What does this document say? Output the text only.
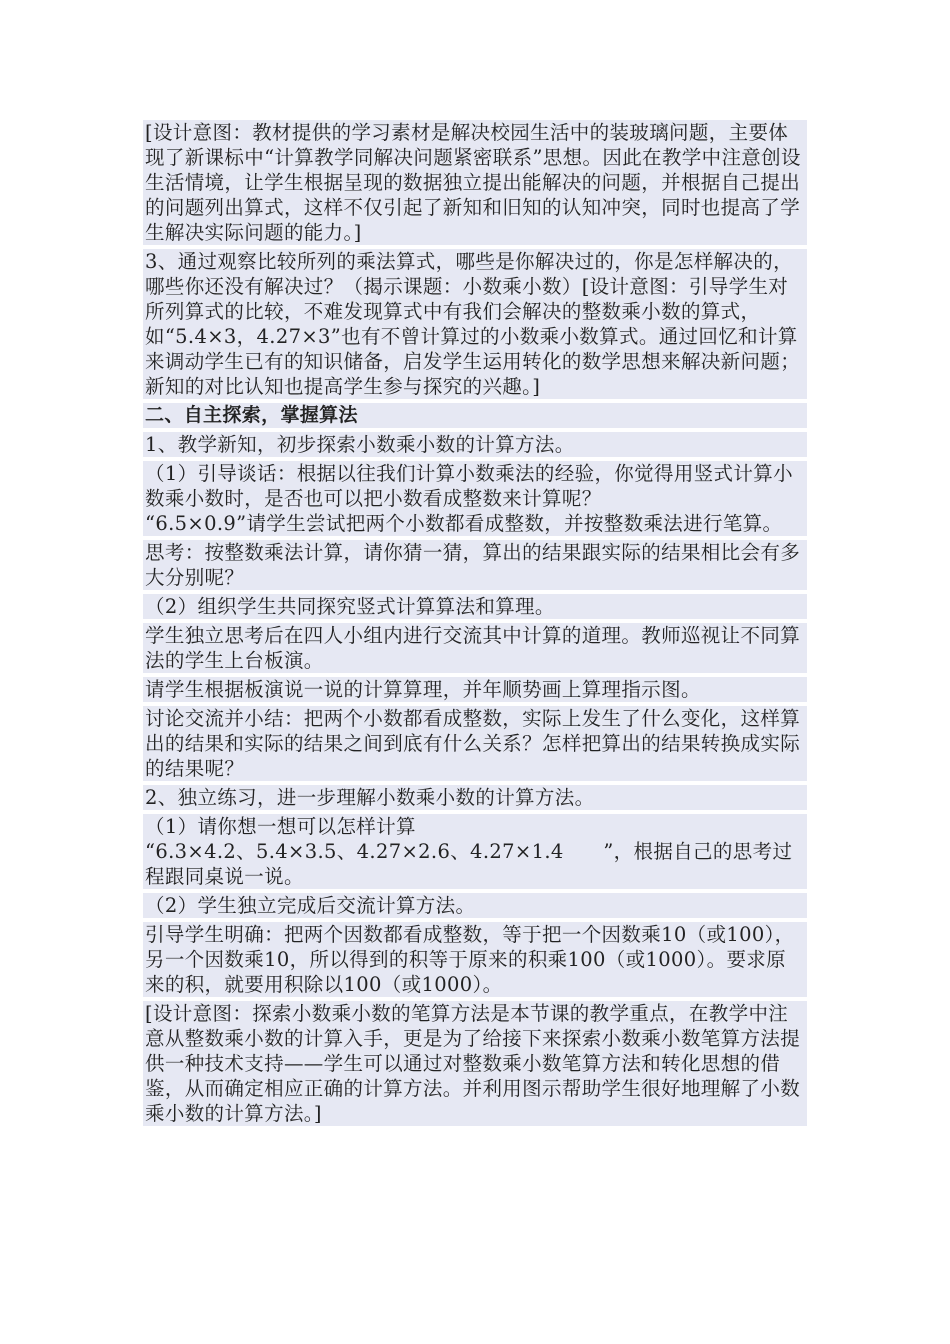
[设计意图：教材提供的学习素材是解决校园生活中的装玻璃问题，主要体现了新课标中“计算教学同解决问题紧密联系”思想。因此在教学中注意创设生活情境，让学生根据呈现的数据独立提出能解决的问题，并根据自己提出的问题列出算式，这样不仅引起了新知和旧知的认知冲突，同时也提高了学生解决实际问题的能力。]

3、通过观察比较所列的乘法算式，哪些是你解决过的，你是怎样解决的，哪些你还没有解决过？（揭示课题：小数乘小数）[设计意图：引导学生对所列算式的比较，不难发现算式中有我们会解决的整数乘小数的算式，如“5.4×3，4.27×3”也有不曾计算过的小数乘小数算式。通过回忆和计算来调动学生已有的知识储备，启发学生运用转化的数学思想来解决新问题；新知的对比认知也提高学生参与探究的兴趣。]

二、自主探索，掌握算法

1、教学新知，初步探索小数乘小数的计算方法。

（1）引导谈话：根据以往我们计算小数乘法的经验，你觉得用竖式计算小数乘小数时，是否也可以把小数看成整数来计算呢？
“6.5×0.9”请学生尝试把两个小数都看成整数，并按整数乘法进行笔算。

思考：按整数乘法计算，请你猜一猜，算出的结果跟实际的结果相比会有多大分别呢？

（2）组织学生共同探究竖式计算算法和算理。

学生独立思考后在四人小组内进行交流其中计算的道理。教师巡视让不同算法的学生上台板演。

请学生根据板演说一说的计算算理，并年顺势画上算理指示图。

讨论交流并小结：把两个小数都看成整数，实际上发生了什么变化，这样算出的结果和实际的结果之间到底有什么关系？怎样把算出的结果转换成实际的结果呢？

2、独立练习，进一步理解小数乘小数的计算方法。

（1）请你想一想可以怎样计算
“6.3×4.2、5.4×3.5、4.27×2.6、4.27×1.4　　”，根据自己的思考过程跟同桌说一说。

（2）学生独立完成后交流计算方法。

引导学生明确：把两个因数都看成整数，等于把一个因数乘10（或100），另一个因数乘10，所以得到的积等于原来的积乘100（或1000）。要求原来的积，就要用积除以100（或1000）。

[设计意图：探索小数乘小数的笔算方法是本节课的教学重点，在教学中注意从整数乘小数的计算入手，更是为了给接下来探索小数乘小数笔算方法提供一种技术支持——学生可以通过对整数乘小数笔算方法和转化思想的借鉴，从而确定相应正确的计算方法。并利用图示帮助学生很好地理解了小数乘小数的计算方法。]
